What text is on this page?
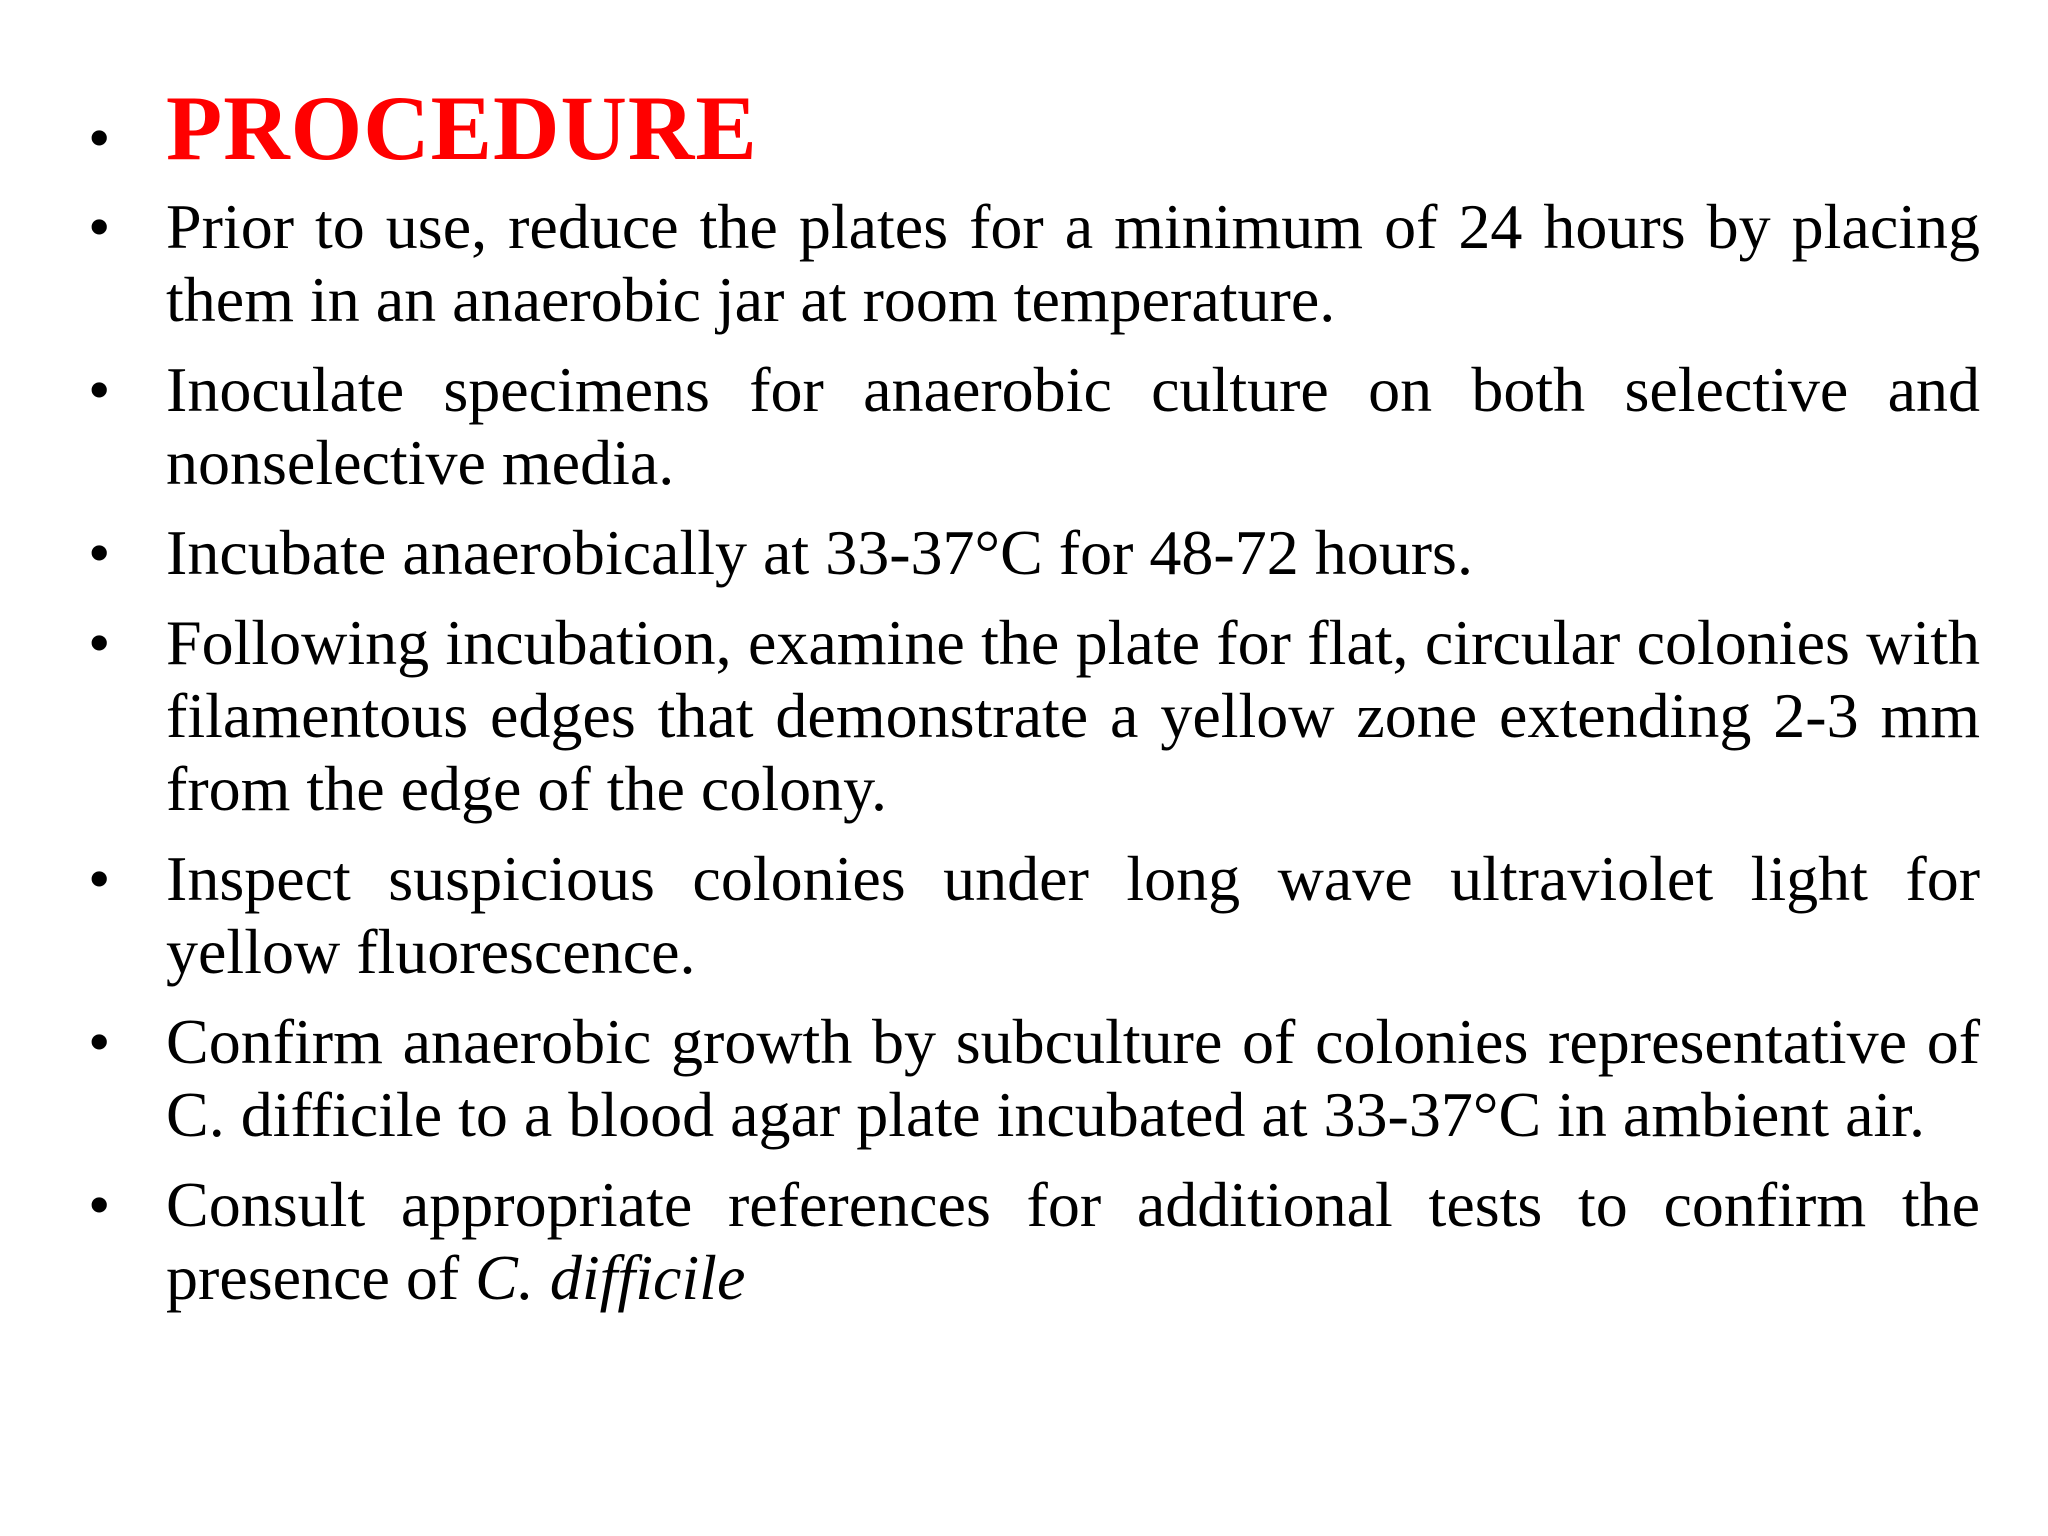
• PROCEDURE
• Prior to use, reduce the plates for a minimum of 24 hours by placing them in an anaerobic jar at room temperature.
• Inoculate specimens for anaerobic culture on both selective and nonselective media.
• Incubate anaerobically at 33-37°C for 48-72 hours.
• Following incubation, examine the plate for flat, circular colonies with filamentous edges that demonstrate a yellow zone extending 2-3 mm from the edge of the colony.
• Inspect suspicious colonies under long wave ultraviolet light for yellow fluorescence.
• Confirm anaerobic growth by subculture of colonies representative of C. difficile to a blood agar plate incubated at 33-37°C in ambient air.
• Consult appropriate references for additional tests to confirm the presence of C. difficile
